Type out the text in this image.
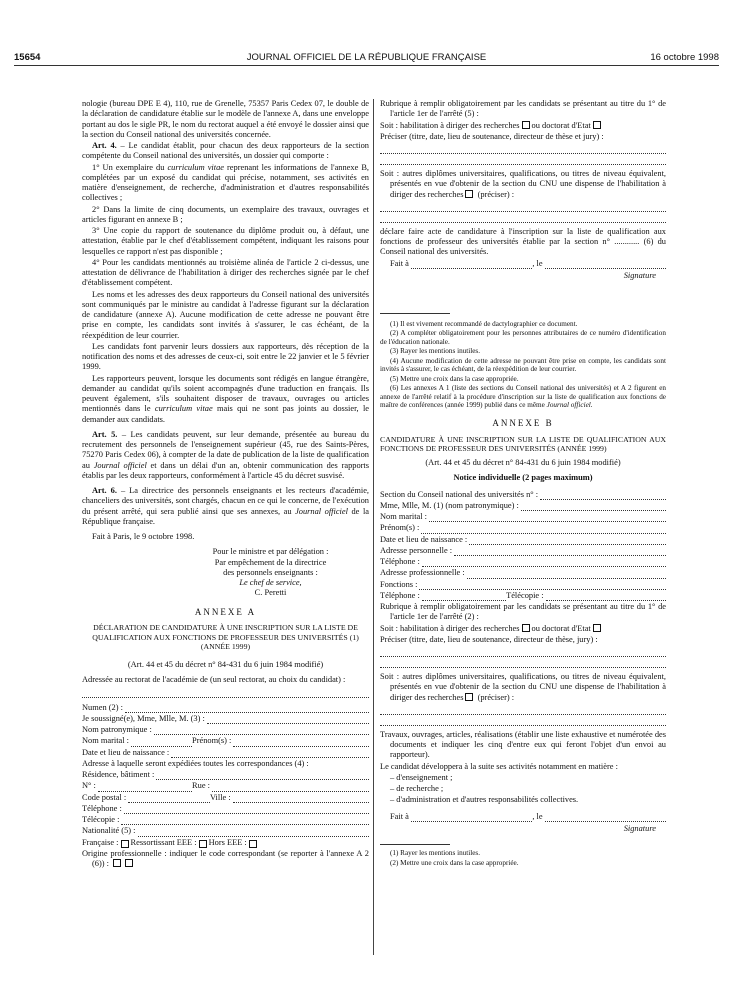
15654	JOURNAL OFFICIEL DE LA RÉPUBLIQUE FRANÇAISE	16 octobre 1998

nologie (bureau DPE E 4), 110, rue de Grenelle, 75357 Paris Cedex 07, le double de la déclaration de candidature établie sur le modèle de l'annexe A, dans une enveloppe portant au dos le sigle PR, le nom du rectorat auquel a été envoyé le dossier ainsi que la section du Conseil national des universités concernée.

Art. 4. – Le candidat établit, pour chacun des deux rapporteurs de la section compétente du Conseil national des universités, un dossier qui comporte :

1° Un exemplaire du curriculum vitae reprenant les informations de l'annexe B, complétées par un exposé du candidat qui précise, notamment, ses activités en matière d'enseignement, de recherche, d'administration et d'autres responsabilités collectives ;

2° Dans la limite de cinq documents, un exemplaire des travaux, ouvrages et articles figurant en annexe B ;

3° Une copie du rapport de soutenance du diplôme produit ou, à défaut, une attestation, établie par le chef d'établissement compétent, indiquant les raisons pour lesquelles ce rapport n'est pas disponible ;

4° Pour les candidats mentionnés au troisième alinéa de l'article 2 ci-dessus, une attestation de délivrance de l'habilitation à diriger des recherches signée par le chef d'établissement compétent.

Les noms et les adresses des deux rapporteurs du Conseil national des universités sont communiqués par le ministre au candidat à l'adresse figurant sur la déclaration de candidature (annexe A). Aucune modification de cette adresse ne pouvant être prise en compte, les candidats sont invités à s'assurer, le cas échéant, de la réexpédition de leur courrier.

Les candidats font parvenir leurs dossiers aux rapporteurs, dès réception de la notification des noms et des adresses de ceux-ci, soit entre le 22 janvier et le 5 février 1999.

Les rapporteurs peuvent, lorsque les documents sont rédigés en langue étrangère, demander au candidat qu'ils soient accompagnés d'une traduction en français. Ils peuvent également, s'ils souhaitent disposer de travaux, ouvrages ou articles mentionnés dans le curriculum vitae mais qui ne sont pas joints au dossier, le demander aux candidats.

Art. 5. – Les candidats peuvent, sur leur demande, présentée au bureau du recrutement des personnels de l'enseignement supérieur (45, rue des Saints-Pères, 75270 Paris Cedex 06), à compter de la date de publication de la liste de qualification au Journal officiel et dans un délai d'un an, obtenir communication des rapports établis par les deux rapporteurs, conformément à l'article 45 du décret susvisé.

Art. 6. – La directrice des personnels enseignants et les recteurs d'académie, chanceliers des universités, sont chargés, chacun en ce qui le concerne, de l'exécution du présent arrêté, qui sera publié ainsi que ses annexes, au Journal officiel de la République française.

Fait à Paris, le 9 octobre 1998.

Pour le ministre et par délégation :
Par empêchement de la directrice
des personnels enseignants :
Le chef de service,
C. Peretti
ANNEXE A

DÉCLARATION DE CANDIDATURE À UNE INSCRIPTION SUR LA LISTE DE QUALIFICATION AUX FONCTIONS DE PROFESSEUR DES UNIVERSITÉS (1) (ANNÉE 1999)

(Art. 44 et 45 du décret n° 84-431 du 6 juin 1984 modifié)

Adressée au rectorat de l'académie de (un seul rectorat, au choix du candidat) :

Numen (2) :
Je soussigné(e), Mme, Mlle, M. (3) :
Nom patronymique :
Nom marital :	Prénom(s) :
Date et lieu de naissance :
Adresse à laquelle seront expédiées toutes les correspondances (4) :
Résidence, bâtiment :
N° :	Rue :
Code postal :	Ville :
Téléphone :
Télécopie :
Nationalité (5) :
Française : Ressortissant EEE : Hors EEE :

Origine professionnelle : indiquer le code correspondant (se reporter à l'annexe A 2 (6)) :

Rubrique à remplir obligatoirement par les candidats se présentant au titre du 1° de l'article 1er de l'arrêté (5) :

Soit : habilitation à diriger des recherches ou doctorat d'Etat

Préciser (titre, date, lieu de soutenance, directeur de thèse et jury) :

Soit : autres diplômes universitaires, qualifications, ou titres de niveau équivalent, présentés en vue d'obtenir de la section du CNU une dispense de l'habilitation à diriger des recherches (préciser) :

déclare faire acte de candidature à l'inscription sur la liste de qualification aux fonctions de professeur des universités établie par la section n° ............ (6) du Conseil national des universités.

Fait à	, le
Signature

(1) Il est vivement recommandé de dactylographier ce document.

(2) A compléter obligatoirement pour les personnes attributaires de ce numéro d'identification de l'éducation nationale.

(3) Rayer les mentions inutiles.

(4) Aucune modification de cette adresse ne pouvant être prise en compte, les candidats sont invités à s'assurer, le cas échéant, de la réexpédition de leur courrier.

(5) Mettre une croix dans la case appropriée.

(6) Les annexes A 1 (liste des sections du Conseil national des universités) et A 2 figurent en annexe de l'arrêté relatif à la procédure d'inscription sur la liste de qualification aux fonctions de maître de conférences (année 1999) publié dans ce même Journal officiel.

ANNEXE B

CANDIDATURE À UNE INSCRIPTION SUR LA LISTE DE QUALIFICATION AUX FONCTIONS DE PROFESSEUR DES UNIVERSITÉS (ANNÉE 1999)

(Art. 44 et 45 du décret n° 84-431 du 6 juin 1984 modifié)

Notice individuelle (2 pages maximum)

Section du Conseil national des universités n° :
Mme, Mlle, M. (1) (nom patronymique) :
Nom marital :
Prénom(s) :
Date et lieu de naissance :
Adresse personnelle :
Téléphone :
Adresse professionnelle :
Fonctions :
Téléphone :	Télécopie :

Rubrique à remplir obligatoirement par les candidats se présentant au titre du 1° de l'article 1er de l'arrêté (2) :

Soit : habilitation à diriger des recherches ou doctorat d'Etat

Préciser (titre, date, lieu de soutenance, directeur de thèse, jury) :

Soit : autres diplômes universitaires, qualifications, ou titres de niveau équivalent, présentés en vue d'obtenir de la section du CNU une dispense de l'habilitation à diriger des recherches (préciser) :

Travaux, ouvrages, articles, réalisations (établir une liste exhaustive et numérotée des documents et indiquer les cinq d'entre eux qui feront l'objet d'un envoi au rapporteur).

Le candidat développera à la suite ses activités notamment en matière :

– d'enseignement ;

– de recherche ;

– d'administration et d'autres responsabilités collectives.

Fait à	, le
Signature

(1) Rayer les mentions inutiles.

(2) Mettre une croix dans la case appropriée.
